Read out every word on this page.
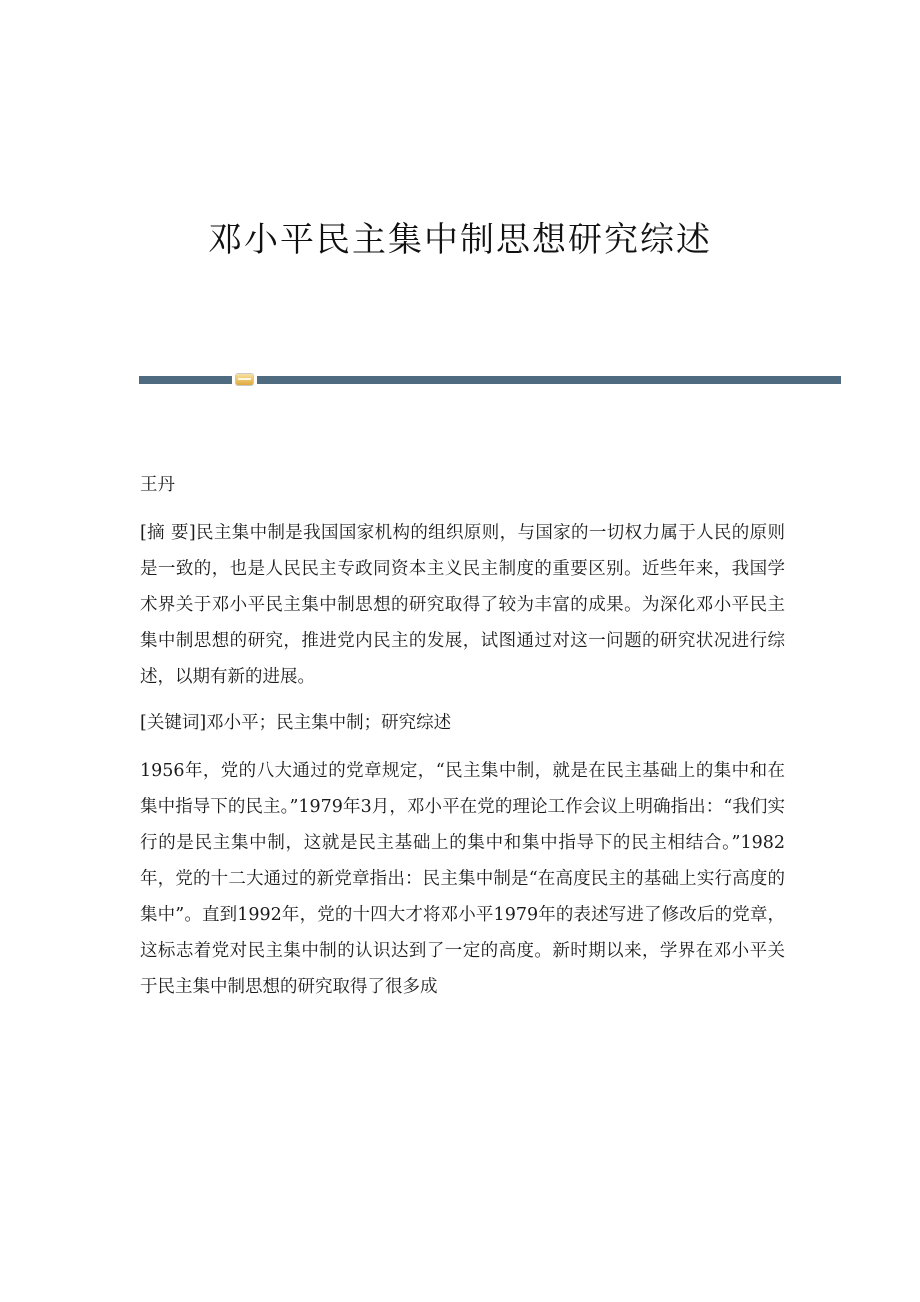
邓小平民主集中制思想研究综述

王丹

[摘 要]民主集中制是我国国家机构的组织原则，与国家的一切权力属于人民的原则是一致的，也是人民民主专政同资本主义民主制度的重要区别。近些年来，我国学术界关于邓小平民主集中制思想的研究取得了较为丰富的成果。为深化邓小平民主集中制思想的研究，推进党内民主的发展，试图通过对这一问题的研究状况进行综述，以期有新的进展。

[关键词]邓小平；民主集中制；研究综述

1956年，党的八大通过的党章规定，“民主集中制，就是在民主基础上的集中和在集中指导下的民主。”1979年3月，邓小平在党的理论工作会议上明确指出：“我们实行的是民主集中制，这就是民主基础上的集中和集中指导下的民主相结合。”1982年，党的十二大通过的新党章指出：民主集中制是“在高度民主的基础上实行高度的集中”。直到1992年，党的十四大才将邓小平1979年的表述写进了修改后的党章，这标志着党对民主集中制的认识达到了一定的高度。新时期以来，学界在邓小平关于民主集中制思想的研究取得了很多成
